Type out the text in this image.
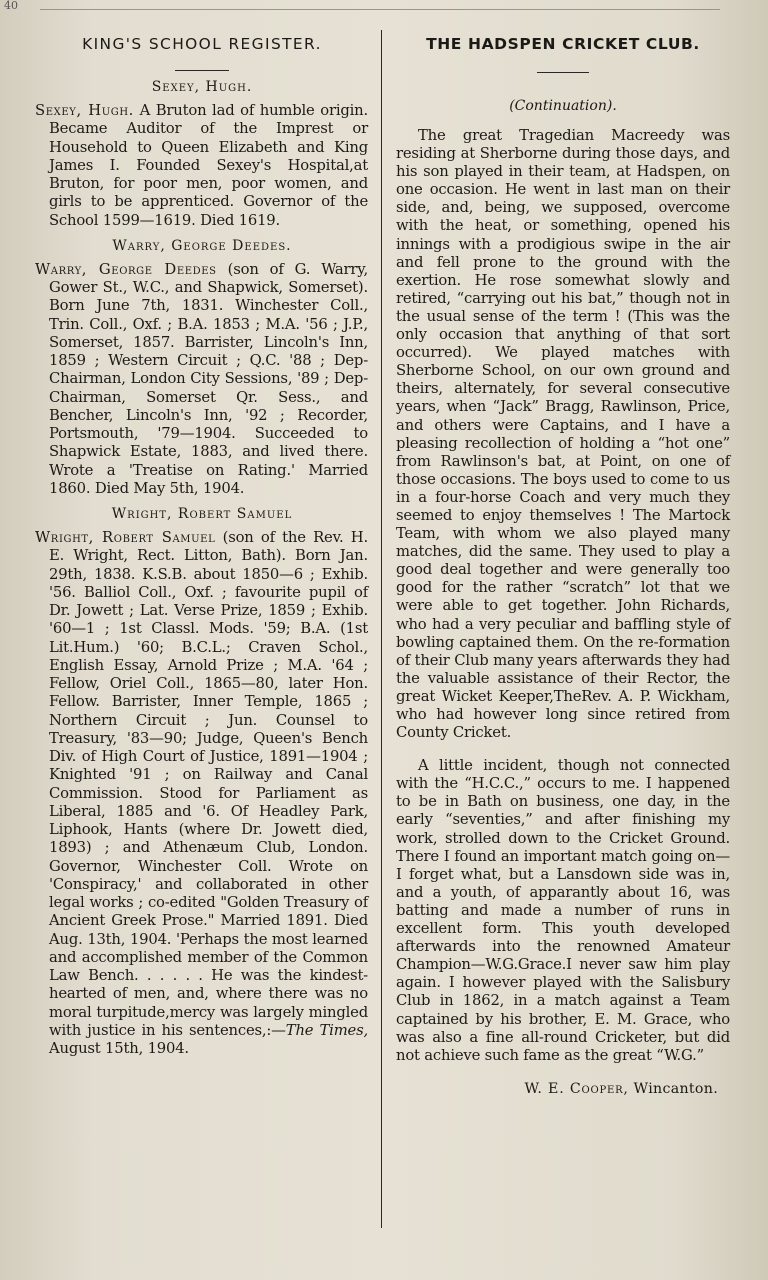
40
KING'S SCHOOL REGISTER.
Sexey, Hugh.

Sexey, Hugh. A Bruton lad of humble origin. Became Auditor of the Imprest or Household to Queen Elizabeth and King James I. Founded Sexey's Hospital,at Bruton, for poor men, poor women, and girls to be apprenticed. Governor of the School 1599—1619. Died 1619.

Warry, George Deedes.

Warry, George Deedes (son of G. Warry, Gower St., W.C., and Shapwick, Somerset). Born June 7th, 1831. Winchester Coll., Trin. Coll., Oxf. ; B.A. 1853 ; M.A. '56 ; J.P., Somerset, 1857. Barrister, Lincoln's Inn, 1859 ; Western Circuit ; Q.C. '88 ; Dep-Chairman, London City Sessions, '89 ; Dep-Chairman, Somerset Qr. Sess., and Bencher, Lincoln's Inn, '92 ; Recorder, Portsmouth, '79—1904. Succeeded to Shapwick Estate, 1883, and lived there. Wrote a 'Treatise on Rating.' Married 1860. Died May 5th, 1904.

Wright, Robert Samuel

Wright, Robert Samuel (son of the Rev. H. E. Wright, Rect. Litton, Bath). Born Jan. 29th, 1838. K.S.B. about 1850—6 ; Exhib. '56. Balliol Coll., Oxf. ; favourite pupil of Dr. Jowett ; Lat. Verse Prize, 1859 ; Exhib. '60—1 ; 1st Classl. Mods. '59; B.A. (1st Lit.Hum.) '60; B.C.L.; Craven Schol., English Essay, Arnold Prize ; M.A. '64 ; Fellow, Oriel Coll., 1865—80, later Hon. Fellow. Barrister, Inner Temple, 1865 ; Northern Circuit ; Jun. Counsel to Treasury, '83—90; Judge, Queen's Bench Div. of High Court of Justice, 1891—1904 ; Knighted '91 ; on Railway and Canal Commission. Stood for Parliament as Liberal, 1885 and '6. Of Headley Park, Liphook, Hants (where Dr. Jowett died, 1893) ; and Athenæum Club, London. Governor, Winchester Coll. Wrote on 'Conspiracy,' and collaborated in other legal works ; co-edited "Golden Treasury of Ancient Greek Prose." Married 1891. Died Aug. 13th, 1904. 'Perhaps the most learned and accomplished member of the Common Law Bench. . . . . . He was the kindest-hearted of men, and, where there was no moral turpitude,mercy was largely mingled with justice in his sentences,:—The Times, August 15th, 1904.

THE HADSPEN CRICKET CLUB.
(Continuation).

The great Tragedian Macreedy was residing at Sherborne during those days, and his son played in their team, at Hadspen, on one occasion. He went in last man on their side, and, being, we supposed, overcome with the heat, or something, opened his innings with a prodigious swipe in the air and fell prone to the ground with the exertion. He rose somewhat slowly and retired, “carrying out his bat,” though not in the usual sense of the term ! (This was the only occasion that anything of that sort occurred). We played matches with Sherborne School, on our own ground and theirs, alternately, for several consecutive years, when “Jack” Bragg, Rawlinson, Price, and others were Captains, and I have a pleasing recollection of holding a “hot one” from Rawlinson's bat, at Point, on one of those occasions. The boys used to come to us in a four-horse Coach and very much they seemed to enjoy themselves ! The Martock Team, with whom we also played many matches, did the same. They used to play a good deal together and were generally too good for the rather “scratch” lot that we were able to get together. John Richards, who had a very peculiar and baffling style of bowling captained them. On the re-formation of their Club many years afterwards they had the valuable assistance of their Rector, the great Wicket Keeper,TheRev. A. P. Wickham, who had however long since retired from County Cricket.

A little incident, though not connected with the “H.C.C.,” occurs to me. I happened to be in Bath on business, one day, in the early “seventies,” and after finishing my work, strolled down to the Cricket Ground. There I found an important match going on—I forget what, but a Lansdown side was in, and a youth, of apparantly about 16, was batting and made a number of runs in excellent form. This youth developed afterwards into the renowned Amateur Champion—W.G.Grace.I never saw him play again. I however played with the Salisbury Club in 1862, in a match against a Team captained by his brother, E. M. Grace, who was also a fine all-round Cricketer, but did not achieve such fame as the great “W.G.”

W. E. Cooper, Wincanton.
